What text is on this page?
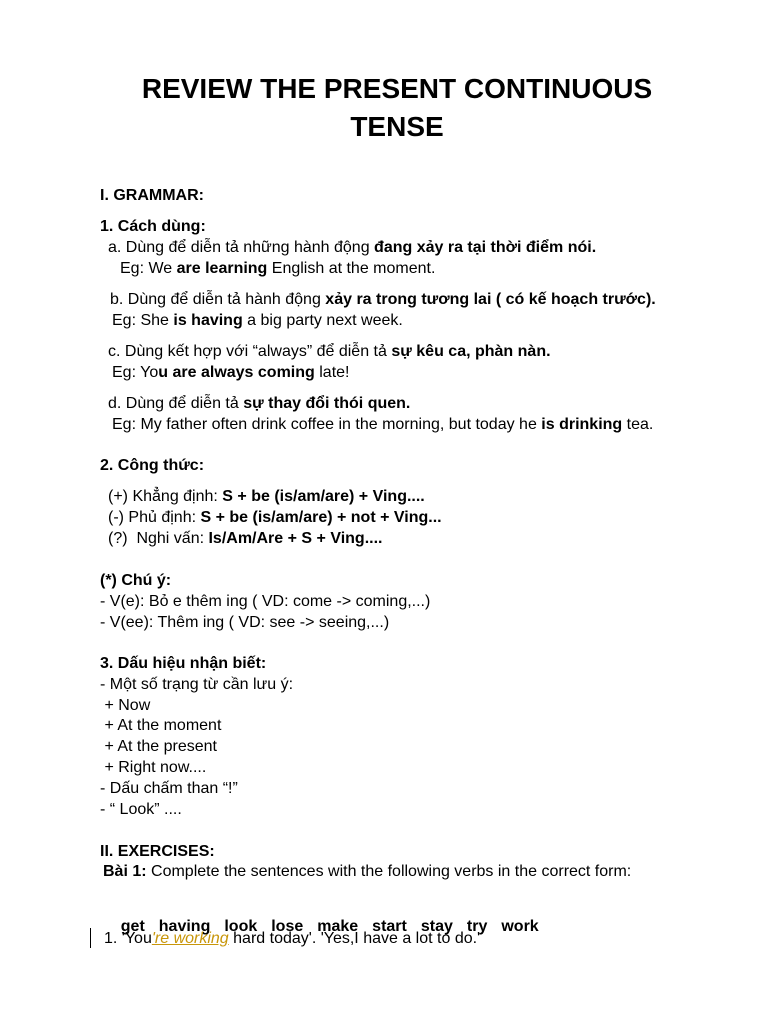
REVIEW THE PRESENT CONTINUOUS
TENSE
I. GRAMMAR:
1. Cách dùng:
a. Dùng để diễn tả những hành động đang xảy ra tại thời điểm nói.
Eg: We are learning English at the moment.
b. Dùng để diễn tả hành động xảy ra trong tương lai ( có kế hoạch trước).
Eg: She is having a big party next week.
c. Dùng kết hợp với “always” để diễn tả sự kêu ca, phàn nàn.
Eg: You are always coming late!
d. Dùng để diễn tả sự thay đổi thói quen.
Eg: My father often drink coffee in the morning, but today he is drinking tea.
2. Công thức:
(+) Khẳng định: S + be (is/am/are) + Ving....
(-) Phủ định: S + be (is/am/are) + not + Ving...
(?)  Nghi vấn: Is/Am/Are + S + Ving....
(*) Chú ý:
- V(e): Bỏ e thêm ing ( VD: come -> coming,...)
- V(ee): Thêm ing ( VD: see -> seeing,...)
3. Dấu hiệu nhận biết:
- Một số trạng từ cần lưu ý:
+ Now
+ At the moment
+ At the present
+ Right now....
- Dấu chấm than “!”
- “ Look” ....
II. EXERCISES:
Bài 1: Complete the sentences with the following verbs in the correct form:

get having look lose make start stay try work

1. 'You're working hard today'. 'Yes,I have a lot to do.'
